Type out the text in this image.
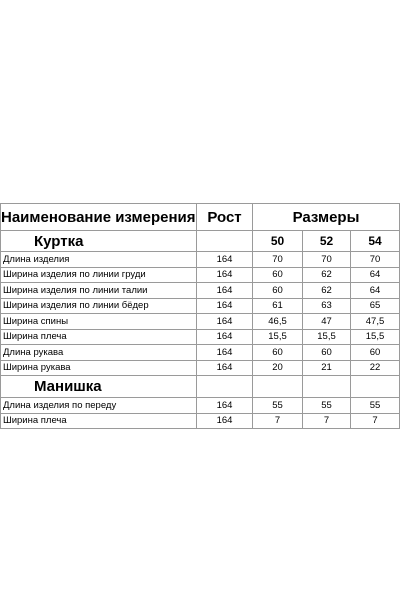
Наименование измерения	Рост	Размеры		
Куртка		50	52	54
Длина изделия	164	70	70	70
Ширина изделия по линии груди	164	60	62	64
Ширина изделия по линии талии	164	60	62	64
Ширина изделия по линии бёдер	164	61	63	65
Ширина спины	164	46,5	47	47,5
Ширина плеча	164	15,5	15,5	15,5
Длина рукава	164	60	60	60
Ширина рукава	164	20	21	22
Манишка				
Длина изделия по переду	164	55	55	55
Ширина плеча	164	7	7	7
